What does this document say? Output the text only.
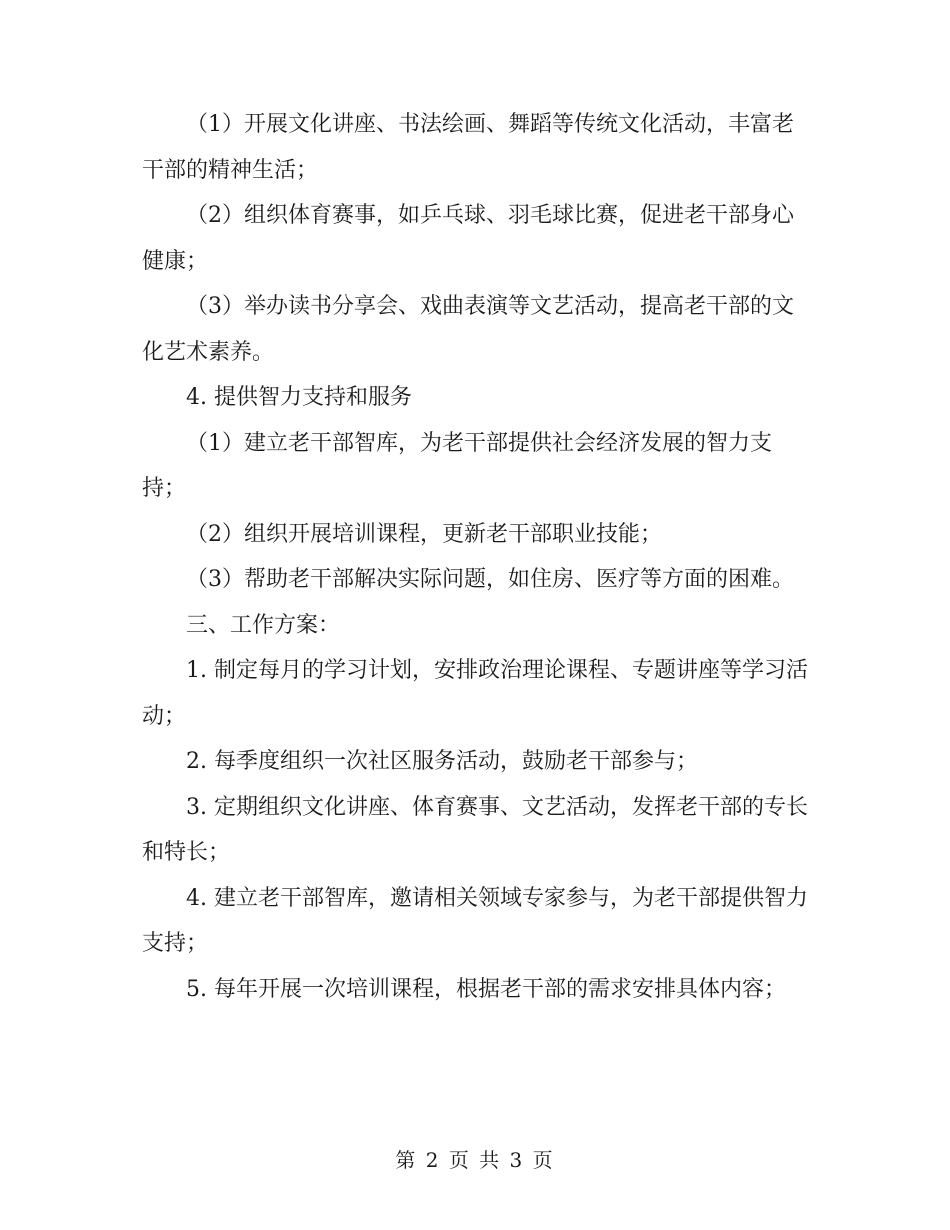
（1）开展文化讲座、书法绘画、舞蹈等传统文化活动，丰富老干部的精神生活；

（2）组织体育赛事，如乒乓球、羽毛球比赛，促进老干部身心健康；

（3）举办读书分享会、戏曲表演等文艺活动，提高老干部的文化艺术素养。

4. 提供智力支持和服务

（1）建立老干部智库，为老干部提供社会经济发展的智力支持；

（2）组织开展培训课程，更新老干部职业技能；

（3）帮助老干部解决实际问题，如住房、医疗等方面的困难。

三、工作方案：

1. 制定每月的学习计划，安排政治理论课程、专题讲座等学习活动；

2. 每季度组织一次社区服务活动，鼓励老干部参与；

3. 定期组织文化讲座、体育赛事、文艺活动，发挥老干部的专长和特长；

4. 建立老干部智库，邀请相关领域专家参与，为老干部提供智力支持；

5. 每年开展一次培训课程，根据老干部的需求安排具体内容；

第 2 页 共 3 页
